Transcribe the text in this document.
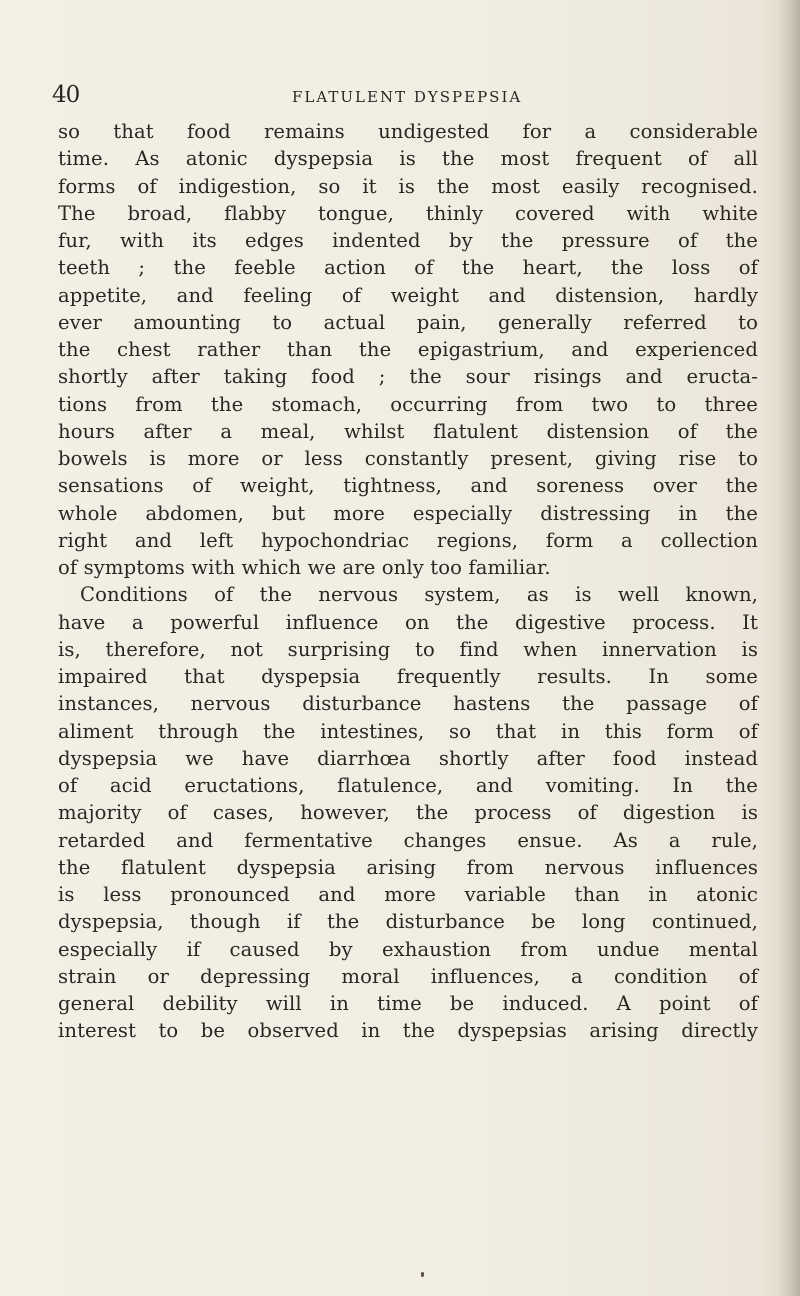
40	FLATULENT DYSPEPSIA
so that food remains undigested for a considerable
time. As atonic dyspepsia is the most frequent of all
forms of indigestion, so it is the most easily recognised.
The broad, flabby tongue, thinly covered with white
fur, with its edges indented by the pressure of the
teeth ; the feeble action of the heart, the loss of
appetite, and feeling of weight and distension, hardly
ever amounting to actual pain, generally referred to
the chest rather than the epigastrium, and experienced
shortly after taking food ; the sour risings and eructa-
tions from the stomach, occurring from two to three
hours after a meal, whilst flatulent distension of the
bowels is more or less constantly present, giving rise to
sensations of weight, tightness, and soreness over the
whole abdomen, but more especially distressing in the
right and left hypochondriac regions, form a collection
of symptoms with which we are only too familiar.
Conditions of the nervous system, as is well known,
have a powerful influence on the digestive process. It
is, therefore, not surprising to find when innervation is
impaired that dyspepsia frequently results. In some
instances, nervous disturbance hastens the passage of
aliment through the intestines, so that in this form of
dyspepsia we have diarrhœa shortly after food instead
of acid eructations, flatulence, and vomiting. In the
majority of cases, however, the process of digestion is
retarded and fermentative changes ensue. As a rule,
the flatulent dyspepsia arising from nervous influences
is less pronounced and more variable than in atonic
dyspepsia, though if the disturbance be long continued,
especially if caused by exhaustion from undue mental
strain or depressing moral influences, a condition of
general debility will in time be induced. A point of
interest to be observed in the dyspepsias arising directly
